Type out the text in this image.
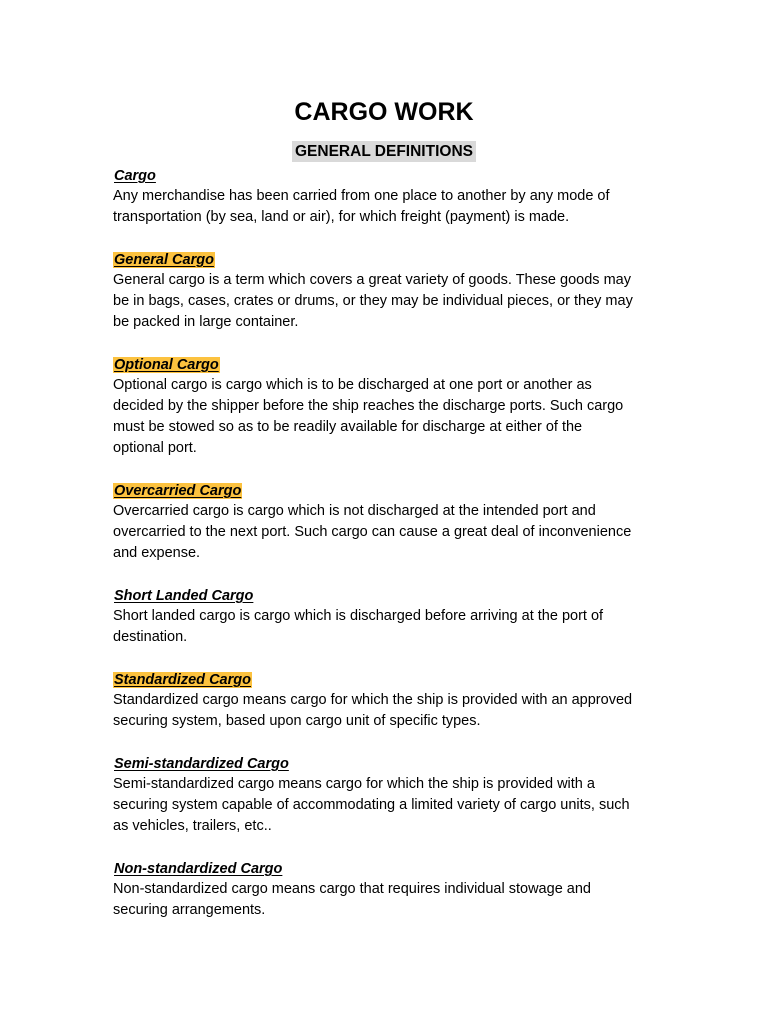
CARGO WORK
GENERAL DEFINITIONS
Cargo
Any merchandise has been carried from one place to another by any mode of
transportation (by sea, land or air), for which freight (payment) is made.
General Cargo
General cargo is a term which covers a great variety of goods. These goods may
be in bags, cases, crates or drums, or they may be individual pieces, or they may
be packed in large container.
Optional Cargo
Optional cargo is cargo which is to be discharged at one port or another as
decided by the shipper before the ship reaches the discharge ports. Such cargo
must be stowed so as to be readily available for discharge at either of the
optional port.
Overcarried Cargo
Overcarried cargo is cargo which is not discharged at the intended port and
overcarried to the next port. Such cargo can cause a great deal of inconvenience
and expense.
Short Landed Cargo
Short landed cargo is cargo which is discharged before arriving at the port of
destination.
Standardized Cargo
Standardized cargo means cargo for which the ship is provided with an approved
securing system, based upon cargo unit of specific types.
Semi-standardized Cargo
Semi-standardized cargo means cargo for which the ship is provided with a
securing system capable of accommodating a limited variety of cargo units, such
as vehicles, trailers, etc..
Non-standardized Cargo
Non-standardized cargo means cargo that requires individual stowage and
securing arrangements.
